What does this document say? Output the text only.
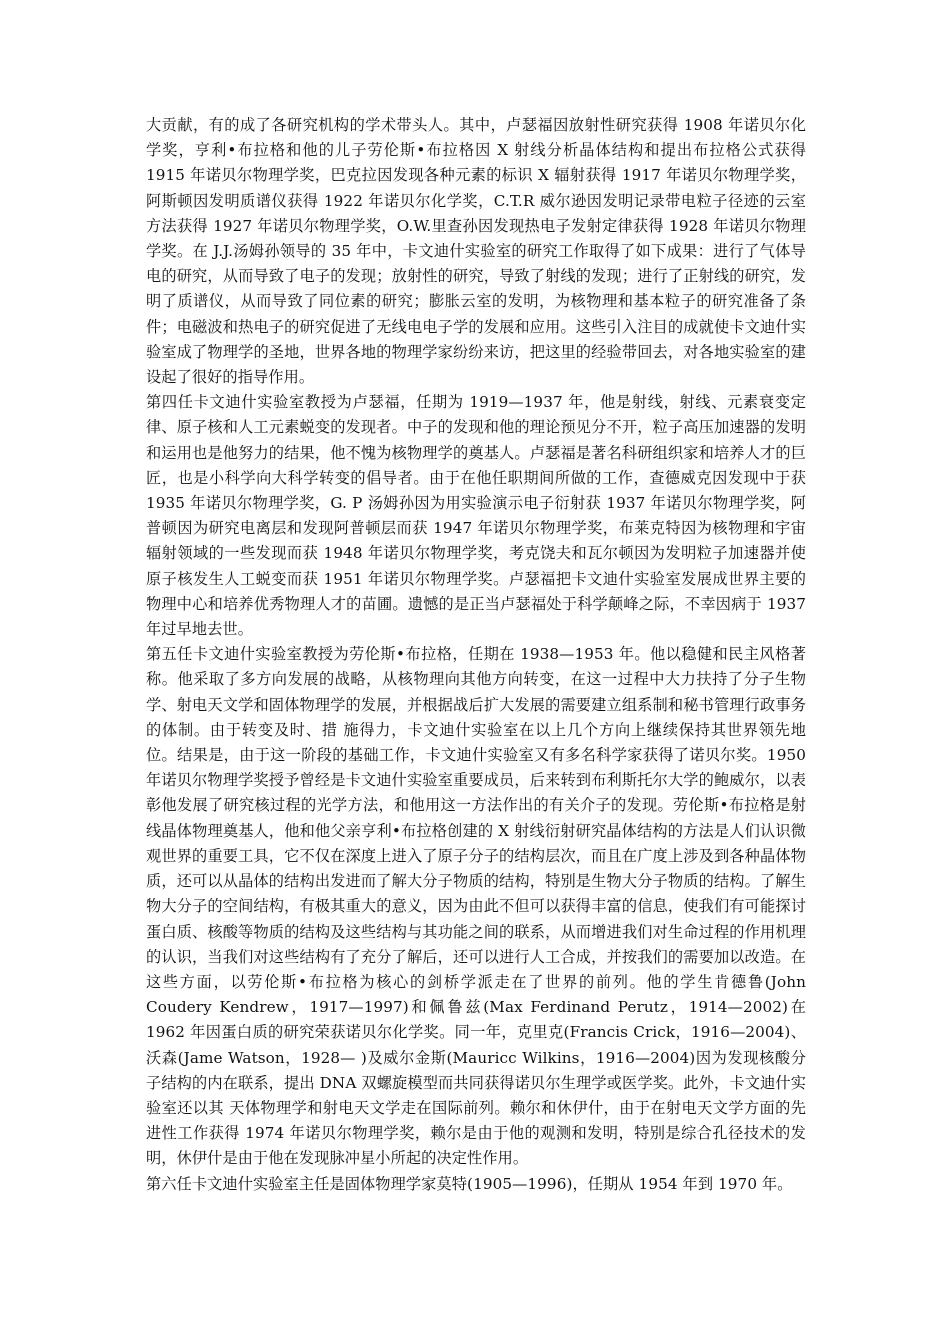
大贡献，有的成了各研究机构的学术带头人。其中，卢瑟福因放射性研究获得 1908 年诺贝尔化学奖，亨利•布拉格和他的儿子劳伦斯•布拉格因 X 射线分析晶体结构和提出布拉格公式获得 1915 年诺贝尔物理学奖，巴克拉因发现各种元素的标识 X 辐射获得 1917 年诺贝尔物理学奖，阿斯顿因发明质谱仪获得 1922 年诺贝尔化学奖，C.T.R 威尔逊因发明记录带电粒子径迹的云室方法获得 1927 年诺贝尔物理学奖，O.W.里查孙因发现热电子发射定律获得 1928 年诺贝尔物理学奖。在 J.J.汤姆孙领导的 35 年中，卡文迪什实验室的研究工作取得了如下成果：进行了气体导电的研究，从而导致了电子的发现；放射性的研究，导致了射线的发现；进行了正射线的研究，发明了质谱仪，从而导致了同位素的研究；膨胀云室的发明，为核物理和基本粒子的研究准备了条件；电磁波和热电子的研究促进了无线电电子学的发展和应用。这些引入注目的成就使卡文迪什实验室成了物理学的圣地，世界各地的物理学家纷纷来访，把这里的经验带回去，对各地实验室的建设起了很好的指导作用。

第四任卡文迪什实验室教授为卢瑟福，任期为 1919—1937 年，他是射线，射线、元素衰变定律、原子核和人工元素蜕变的发现者。中子的发现和他的理论预见分不开，粒子高压加速器的发明和运用也是他努力的结果，他不愧为核物理学的奠基人。卢瑟福是著名科研组织家和培养人才的巨匠，也是小科学向大科学转变的倡导者。由于在他任职期间所做的工作，查德威克因发现中于获 1935 年诺贝尔物理学奖，G. P 汤姆孙因为用实验演示电子衍射获 1937 年诺贝尔物理学奖，阿普顿因为研究电离层和发现阿普顿层而获 1947 年诺贝尔物理学奖，布莱克特因为核物理和宇宙辐射领域的一些发现而获 1948 年诺贝尔物理学奖，考克饶夫和瓦尔顿因为发明粒子加速器并使原子核发生人工蜕变而获 1951 年诺贝尔物理学奖。卢瑟福把卡文迪什实验室发展成世界主要的物理中心和培养优秀物理人才的苗圃。遗憾的是正当卢瑟福处于科学颠峰之际，不幸因病于 1937 年过早地去世。

第五任卡文迪什实验室教授为劳伦斯•布拉格，任期在 1938—1953 年。他以稳健和民主风格著称。他采取了多方向发展的战略，从核物理向其他方向转变，在这一过程中大力扶持了分子生物学、射电天文学和固体物理学的发展，并根据战后扩大发展的需要建立组系制和秘书管理行政事务的体制。由于转变及时、措 施得力，卡文迪什实验室在以上几个方向上继续保持其世界领先地位。结果是，由于这一阶段的基础工作，卡文迪什实验室又有多名科学家获得了诺贝尔奖。1950 年诺贝尔物理学奖授予曾经是卡文迪什实验室重要成员，后来转到布利斯托尔大学的鲍威尔，以表彰他发展了研究核过程的光学方法，和他用这一方法作出的有关介子的发现。劳伦斯•布拉格是射线晶体物理奠基人，他和他父亲亨利•布拉格创建的 X 射线衍射研究晶体结构的方法是人们认识微观世界的重要工具，它不仅在深度上进入了原子分子的结构层次，而且在广度上涉及到各种晶体物质，还可以从晶体的结构出发进而了解大分子物质的结构，特别是生物大分子物质的结构。了解生物大分子的空间结构，有极其重大的意义，因为由此不但可以获得丰富的信息，使我们有可能探讨蛋白质、核酸等物质的结构及这些结构与其功能之间的联系，从而增进我们对生命过程的作用机理的认识，当我们对这些结构有了充分了解后，还可以进行人工合成，并按我们的需要加以改造。在这些方面，以劳伦斯•布拉格为核心的剑桥学派走在了世界的前列。他的学生肯德鲁(John Coudery Kendrew，1917—1997)和佩鲁兹(Max Ferdinand Perutz，1914—2002)在 1962 年因蛋白质的研究荣获诺贝尔化学奖。同一年，克里克(Francis Crick，1916—2004)、沃森(Jame Watson，1928— )及威尔金斯(Mauricc Wilkins，1916—2004)因为发现核酸分子结构的内在联系，提出 DNA 双螺旋模型而共同获得诺贝尔生理学或医学奖。此外，卡文迪什实验室还以其 天体物理学和射电天文学走在国际前列。赖尔和休伊什，由于在射电天文学方面的先进性工作获得 1974 年诺贝尔物理学奖，赖尔是由于他的观测和发明，特别是综合孔径技术的发明，休伊什是由于他在发现脉冲星小所起的决定性作用。

第六任卡文迪什实验室主任是固体物理学家莫特(1905—1996)，任期从 1954 年到 1970 年。
